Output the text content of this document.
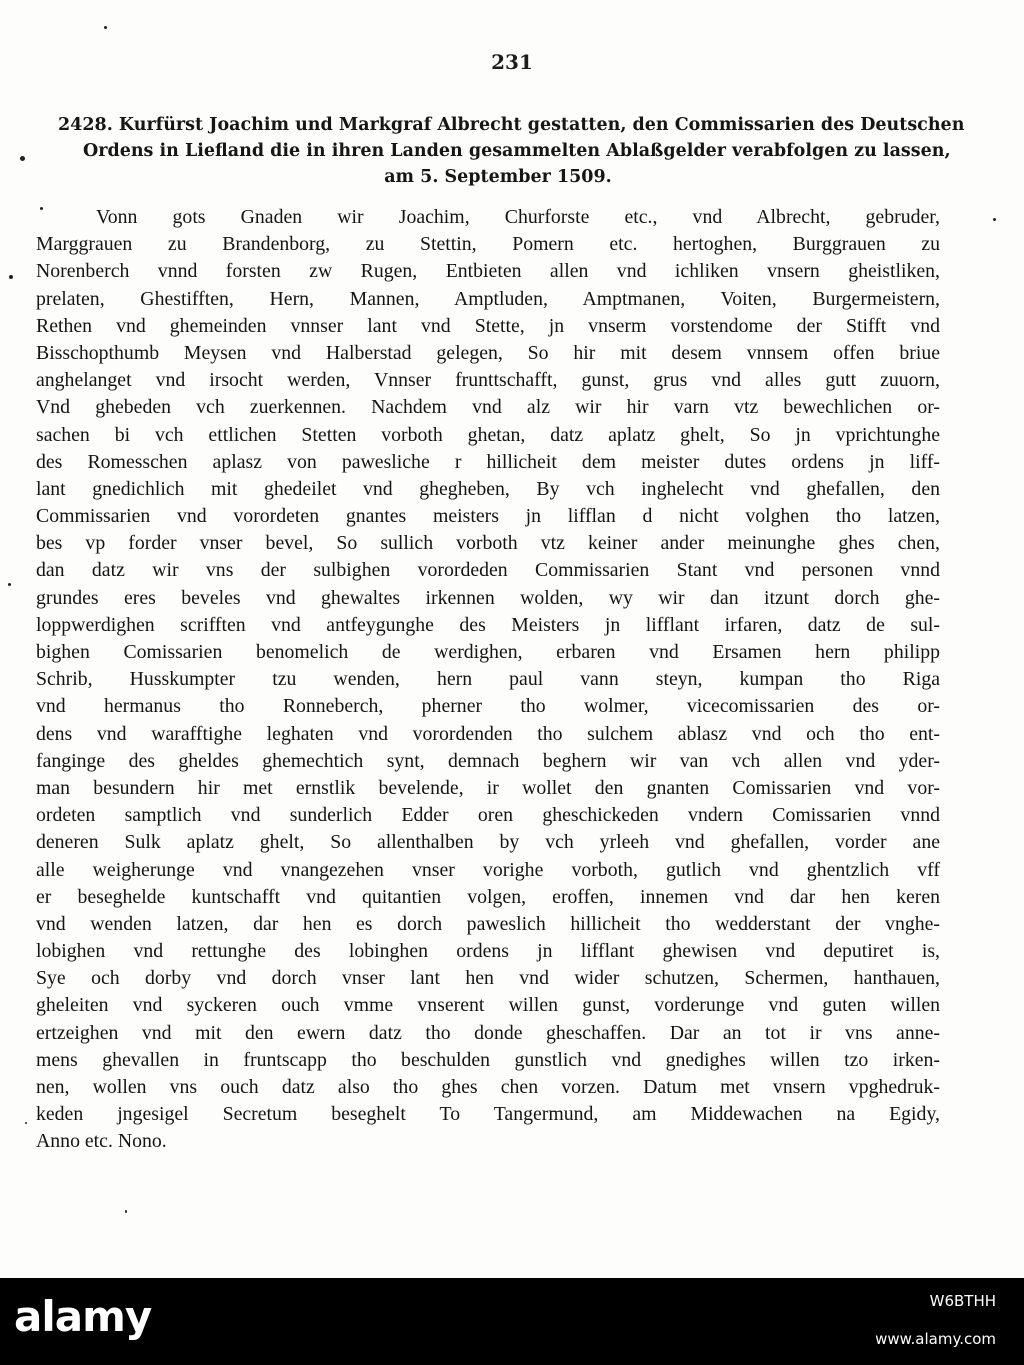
231
2428. Kurfürst Joachim und Markgraf Albrecht gestatten, den Commissarien des Deutschen
Ordens in Liefland die in ihren Landen gesammelten Ablaßgelder verabfolgen zu lassen,
am 5. September 1509.
Vonn gots Gnaden wir Joachim, Churforste etc., vnd Albrecht, gebruder,
Marggrauen zu Brandenborg, zu Stettin, Pomern etc. hertoghen, Burggrauen zu
Norenberch vnnd forsten zw Rugen, Entbieten allen vnd ichliken vnsern gheistliken,
prelaten, Ghestifften, Hern, Mannen, Amptluden, Amptmanen, Voiten, Burgermeistern,
Rethen vnd ghemeinden vnnser lant vnd Stette, jn vnserm vorstendome der Stifft vnd
Bisschopthumb Meysen vnd Halberstad gelegen, So hir mit desem vnnsem offen briue
anghelanget vnd irsocht werden, Vnnser frunttschafft, gunst, grus vnd alles gutt zuuorn,
Vnd ghebeden vch zuerkennen. Nachdem vnd alz wir hir varn vtz bewechlichen or-
sachen bi vch ettlichen Stetten vorboth ghetan, datz aplatz ghelt, So jn vprichtunghe
des Romesschen aplasz von pawesliche r hillicheit dem meister dutes ordens jn liff-
lant gnedichlich mit ghedeilet vnd ghegheben, By vch inghelecht vnd ghefallen, den
Commissarien vnd vorordeten gnantes meisters jn lifflan d nicht volghen tho latzen,
bes vp forder vnser bevel, So sullich vorboth vtz keiner ander meinunghe ghes chen,
dan datz wir vns der sulbighen vorordeden Commissarien Stant vnd personen vnnd
grundes eres beveles vnd ghewaltes irkennen wolden, wy wir dan itzunt dorch ghe-
loppwerdighen scrifften vnd antfeygunghe des Meisters jn lifflant irfaren, datz de sul-
bighen Comissarien benomelich de werdighen, erbaren vnd Ersamen hern philipp
Schrib, Husskumpter tzu wenden, hern paul vann steyn, kumpan tho Riga
vnd hermanus tho Ronneberch, pherner tho wolmer, vicecomissarien des or-
dens vnd warafftighe leghaten vnd vorordenden tho sulchem ablasz vnd och tho ent-
fanginge des gheldes ghemechtich synt, demnach beghern wir van vch allen vnd yder-
man besundern hir met ernstlik bevelende, ir wollet den gnanten Comissarien vnd vor-
ordeten samptlich vnd sunderlich Edder oren gheschickeden vndern Comissarien vnnd
deneren Sulk aplatz ghelt, So allenthalben by vch yrleeh vnd ghefallen, vorder ane
alle weigherunge vnd vnangezehen vnser vorighe vorboth, gutlich vnd ghentzlich vff
er beseghelde kuntschafft vnd quitantien volgen, eroffen, innemen vnd dar hen keren
vnd wenden latzen, dar hen es dorch paweslich hillicheit tho wedderstant der vnghe-
lobighen vnd rettunghe des lobinghen ordens jn lifflant ghewisen vnd deputiret is,
Sye och dorby vnd dorch vnser lant hen vnd wider schutzen, Schermen, hanthauen,
gheleiten vnd syckeren ouch vmme vnserent willen gunst, vorderunge vnd guten willen
ertzeighen vnd mit den ewern datz tho donde gheschaffen. Dar an tot ir vns anne-
mens ghevallen in fruntscapp tho beschulden gunstlich vnd gnedighes willen tzo irken-
nen, wollen vns ouch datz also tho ghes chen vorzen. Datum met vnsern vpghedruk-
keden jngesigel Secretum beseghelt To Tangermund, am Middewachen na Egidy,
Anno etc. Nono.
alamy	W6BTHH
www.alamy.com
